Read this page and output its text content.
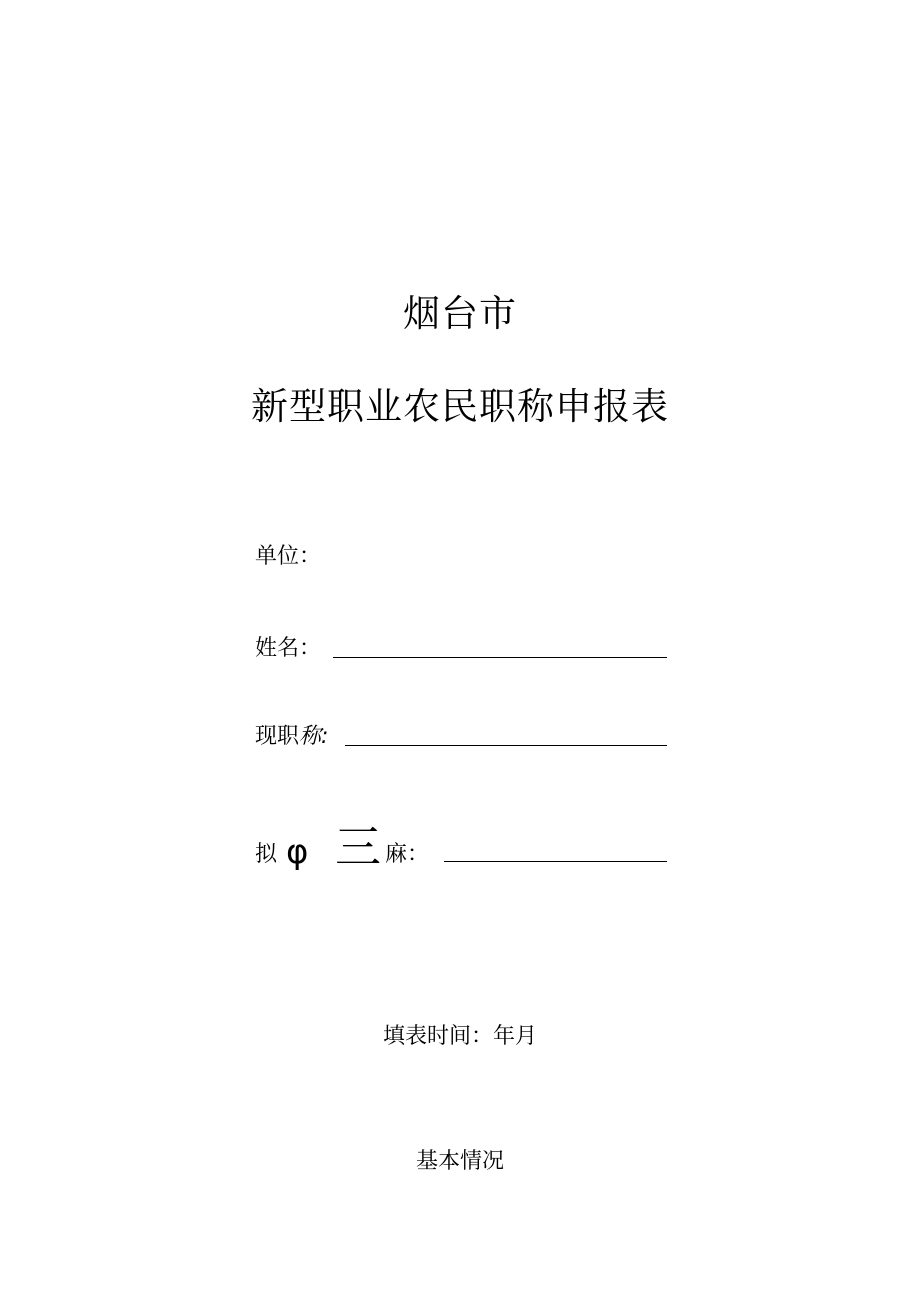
烟台市
新型职业农民职称申报表
单位：
姓名：
现职称:
拟 φ 三 麻：
填表时间：年月
基本情况
